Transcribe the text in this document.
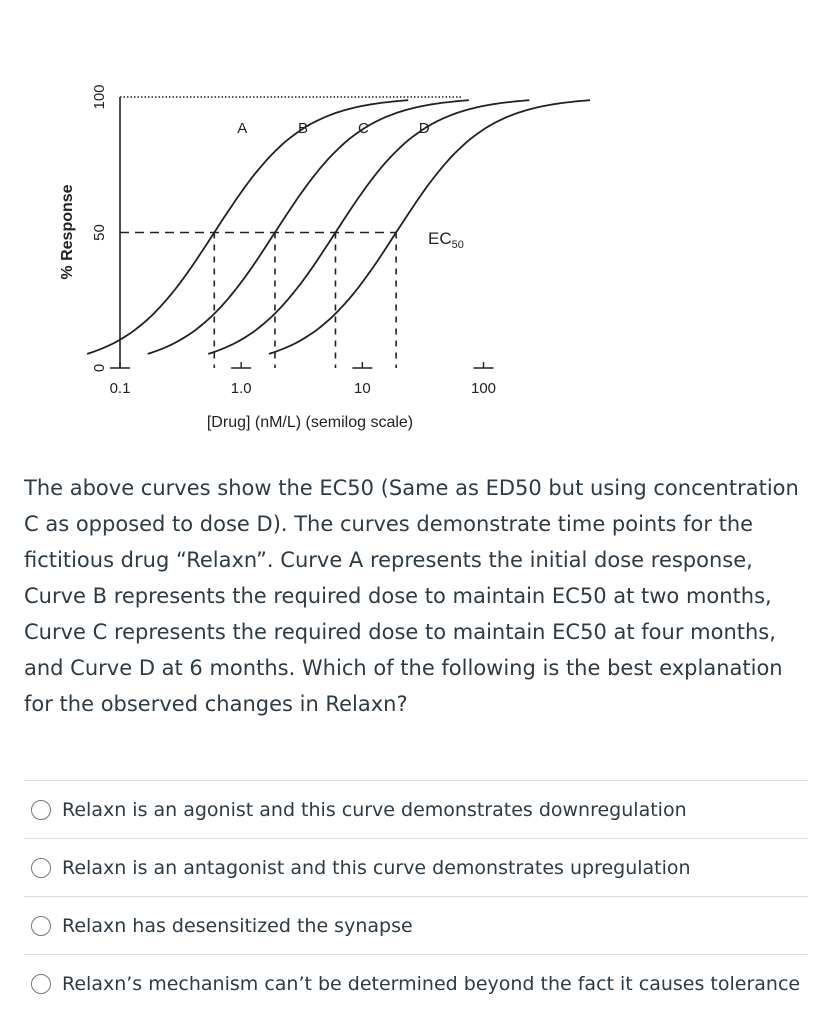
0
50
100
% Response
0.1	1.0	10	100
[Drug] (nM/L) (semilog scale)
A	B	C	D
$EC_{50}$

The above curves show the EC50 (Same as ED50 but using concentration C as opposed to dose D). The curves demonstrate time points for the fictitious drug “Relaxn”. Curve A represents the initial dose response, Curve B represents the required dose to maintain EC50 at two months, Curve C represents the required dose to maintain EC50 at four months, and Curve D at 6 months. Which of the following is the best explanation for the observed changes in Relaxn?

Relaxn is an agonist and this curve demonstrates downregulation
Relaxn is an antagonist and this curve demonstrates upregulation
Relaxn has desensitized the synapse
Relaxn’s mechanism can’t be determined beyond the fact it causes tolerance
